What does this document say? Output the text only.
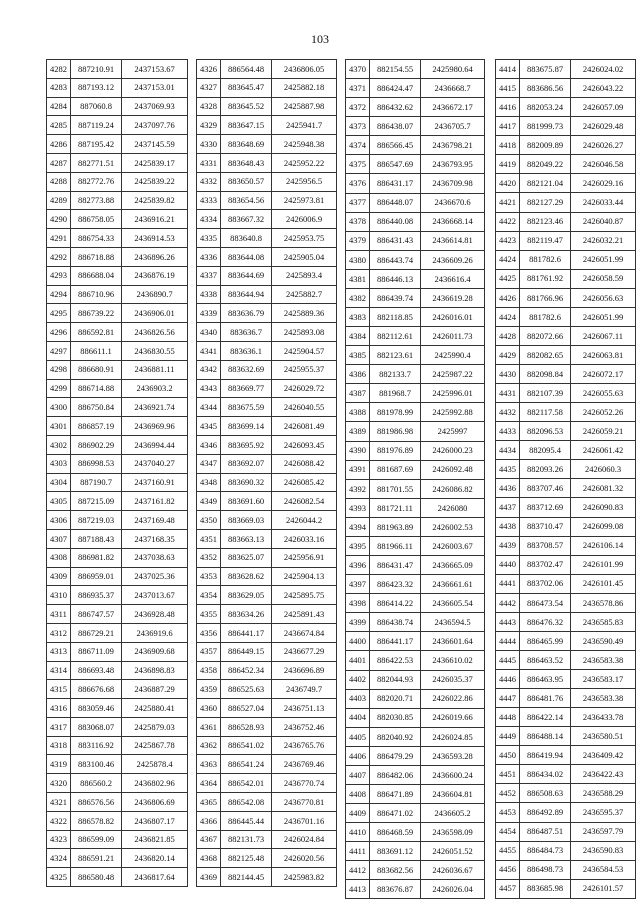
103
4282	887210.91	2437153.67
4283	887193.12	2437153.01
4284	887060.8	2437069.93
4285	887119.24	2437097.76
4286	887195.42	2437145.59
4287	882771.51	2425839.17
4288	882772.76	2425839.22
4289	882773.88	2425839.82
4290	886758.05	2436916.21
4291	886754.33	2436914.53
4292	886718.88	2436896.26
4293	886688.04	2436876.19
4294	886710.96	2436890.7
4295	886739.22	2436906.01
4296	886592.81	2436826.56
4297	886611.1	2436830.55
4298	886680.91	2436881.11
4299	886714.88	2436903.2
4300	886750.84	2436921.74
4301	886857.19	2436969.96
4302	886902.29	2436994.44
4303	886998.53	2437040.27
4304	887190.7	2437160.91
4305	887215.09	2437161.82
4306	887219.03	2437169.48
4307	887188.43	2437168.35
4308	886981.82	2437038.63
4309	886959.01	2437025.36
4310	886935.37	2437013.67
4311	886747.57	2436928.48
4312	886729.21	2436919.6
4313	886711.09	2436909.68
4314	886693.48	2436898.83
4315	886676.68	2436887.29
4316	883059.46	2425880.41
4317	883068.07	2425879.03
4318	883116.92	2425867.78
4319	883100.46	2425878.4
4320	886560.2	2436802.96
4321	886576.56	2436806.69
4322	886578.82	2436807.17
4323	886599.09	2436821.85
4324	886591.21	2436820.14
4325	886580.48	2436817.64
4326	886564.48	2436806.05
4327	883645.47	2425882.18
4328	883645.52	2425887.98
4329	883647.15	2425941.7
4330	883648.69	2425948.38
4331	883648.43	2425952.22
4332	883650.57	2425956.5
4333	883654.56	2425973.81
4334	883667.32	2426006.9
4335	883640.8	2425953.75
4336	883644.08	2425905.04
4337	883644.69	2425893.4
4338	883644.94	2425882.7
4339	883636.79	2425889.36
4340	883636.7	2425893.08
4341	883636.1	2425904.57
4342	883632.69	2425955.37
4343	883669.77	2426029.72
4344	883675.59	2426040.55
4345	883699.14	2426081.49
4346	883695.92	2426093.45
4347	883692.07	2426088.42
4348	883690.32	2426085.42
4349	883691.60	2426082.54
4350	883669.03	2426044.2
4351	883663.13	2426033.16
4352	883625.07	2425956.91
4353	883628.62	2425904.13
4354	883629.05	2425895.75
4355	883634.26	2425891.43
4356	886441.17	2436674.84
4357	886449.15	2436677.29
4358	886452.34	2436696.89
4359	886525.63	2436749.7
4360	886527.04	2436751.13
4361	886528.93	2436752.46
4362	886541.02	2436765.76
4363	886541.24	2436769.46
4364	886542.01	2436770.74
4365	886542.08	2436770.81
4366	886445.44	2436701.16
4367	882131.73	2426024.84
4368	882125.48	2426020.56
4369	882144.45	2425983.82
4370	882154.55	2425980.64
4371	886424.47	2436668.7
4372	886432.62	2436672.17
4373	886438.07	2436705.7
4374	886566.45	2436798.21
4375	886547.69	2436793.95
4376	886431.17	2436709.98
4377	886448.07	2436670.6
4378	886440.08	2436668.14
4379	886431.43	2436614.81
4380	886443.74	2436609.26
4381	886446.13	2436616.4
4382	886439.74	2436619.28
4383	882118.85	2426016.01
4384	882112.61	2426011.73
4385	882123.61	2425990.4
4386	882133.7	2425987.22
4387	881968.7	2425996.01
4388	881978.99	2425992.88
4389	881986.98	2425997
4390	881976.89	2426000.23
4391	881687.69	2426092.48
4392	881701.55	2426086.82
4393	881721.11	2426080
4394	881963.89	2426002.53
4395	881966.11	2426003.67
4396	886431.47	2436665.09
4397	886423.32	2436661.61
4398	886414.22	2436605.54
4399	886438.74	2436594.5
4400	886441.17	2436601.64
4401	886422.53	2436610.02
4402	882044.93	2426035.37
4403	882020.71	2426022.86
4404	882030.85	2426019.66
4405	882040.92	2426024.85
4406	886479.29	2436593.28
4407	886482.06	2436600.24
4408	886471.89	2436604.81
4409	886471.02	2436605.2
4410	886468.59	2436598.09
4411	883691.12	2426051.52
4412	883682.56	2426036.67
4413	883676.87	2426026.04
4414	883675.87	2426024.02
4415	883686.56	2426043.22
4416	882053.24	2426057.09
4417	881999.73	2426029.48
4418	882009.89	2426026.27
4419	882049.22	2426046.58
4420	882121.04	2426029.16
4421	882127.29	2426033.44
4422	882123.46	2426040.87
4423	882119.47	2426032.21
4424	881782.6	2426051.99
4425	881761.92	2426058.59
4426	881766.96	2426056.63
4424	881782.6	2426051.99
4428	882072.66	2426067.11
4429	882082.65	2426063.81
4430	882098.84	2426072.17
4431	882107.39	2426055.63
4432	882117.58	2426052.26
4433	882096.53	2426059.21
4434	882095.4	2426061.42
4435	882093.26	2426060.3
4436	883707.46	2426081.32
4437	883712.69	2426090.83
4438	883710.47	2426099.08
4439	883708.57	2426106.14
4440	883702.47	2426101.99
4441	883702.06	2426101.45
4442	886473.54	2436578.86
4443	886476.32	2436585.83
4444	886465.99	2436590.49
4445	886463.52	2436583.38
4446	886463.95	2436583.17
4447	886481.76	2436583.38
4448	886422.14	2436433.78
4449	886488.14	2436580.51
4450	886419.94	2436409.42
4451	886434.02	2436422.43
4452	886508.63	2436588.29
4453	886492.89	2436595.37
4454	886487.51	2436597.79
4455	886484.73	2436590.83
4456	886498.73	2436584.53
4457	883685.98	2426101.57
